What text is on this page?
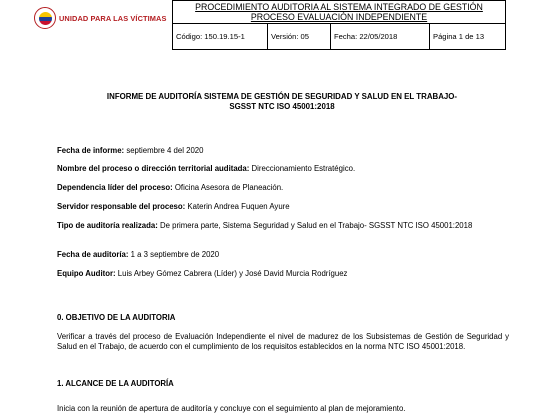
UNIDAD PARA LAS VÍCTIMAS
PROCEDIMIENTO AUDITORIA AL SISTEMA INTEGRADO DE GESTIÓN
PROCESO EVALUACIÓN INDEPENDIENTE

Código: 150.19.15-1	Versión: 05	Fecha: 22/05/2018	Página 1 de 13
INFORME DE AUDITORÍA SISTEMA DE GESTIÓN DE SEGURIDAD Y SALUD EN EL TRABAJO-
SGSST NTC ISO 45001:2018
Fecha de informe: septiembre 4 del 2020
Nombre del proceso o dirección territorial auditada: Direccionamiento Estratégico.
Dependencia líder del proceso: Oficina Asesora de Planeación.
Servidor responsable del proceso: Katerin Andrea Fuquen Ayure
Tipo de auditoría realizada: De primera parte, Sistema Seguridad y Salud en el Trabajo- SGSST NTC ISO 45001:2018
Fecha de auditoría: 1 a 3 septiembre de 2020
Equipo Auditor: Luis Arbey Gómez Cabrera (Líder) y José David Murcia Rodríguez
0. OBJETIVO DE LA AUDITORIA
Verificar a través del proceso de Evaluación Independiente el nivel de madurez de los Subsistemas de Gestión de Seguridad y Salud en el Trabajo, de acuerdo con el cumplimiento de los requisitos establecidos en la norma NTC ISO 45001:2018.
1. ALCANCE DE LA AUDITORÍA
Inicia con la reunión de apertura de auditoría y concluye con el seguimiento al plan de mejoramiento.
